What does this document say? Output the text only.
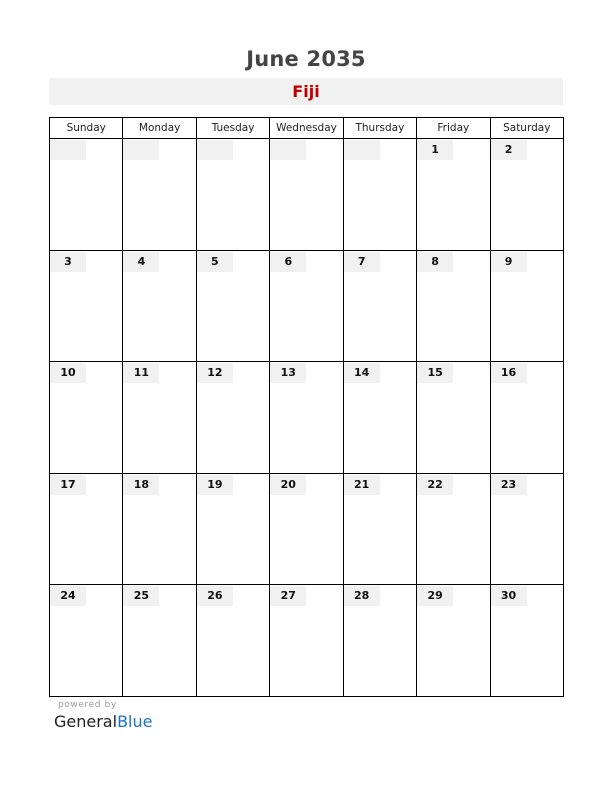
June 2035
Fiji
Sunday	Monday	Tuesday	Wednesday	Thursday	Friday	Saturday

					1	2

3	4	5	6	7	8	9

10	11	12	13	14	15	16

17	18	19	20	21	22	23

24	25	26	27	28	29	30
powered by
GeneralBlue
